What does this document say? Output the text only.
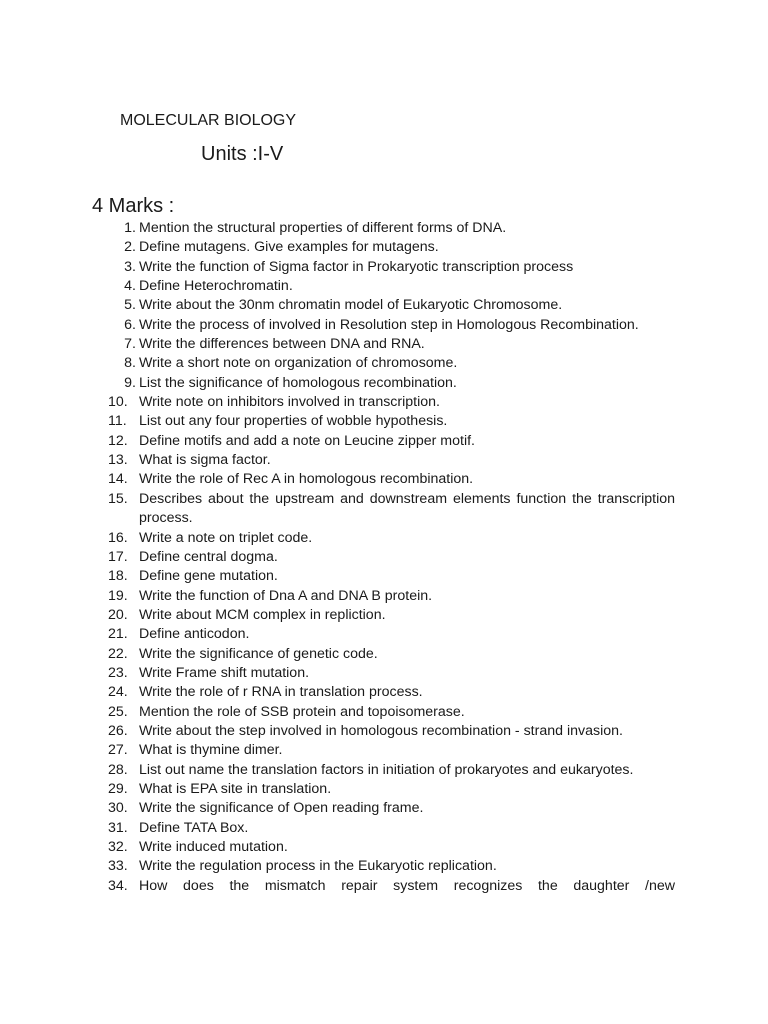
MOLECULAR BIOLOGY
Units :I-V
4 Marks :
1. Mention the structural properties of different forms of DNA.
2. Define mutagens. Give examples for mutagens.
3. Write the function of Sigma factor in Prokaryotic transcription process
4. Define Heterochromatin.
5. Write about the 30nm chromatin model of Eukaryotic Chromosome.
6. Write the process of involved in Resolution step in Homologous Recombination.
7. Write the differences between DNA and RNA.
8. Write a short note on organization of chromosome.
9. List the significance of homologous recombination.
10. Write note on inhibitors involved in transcription.
11. List out any four properties of wobble hypothesis.
12. Define motifs and add a note on Leucine zipper motif.
13. What is sigma factor.
14. Write the role of Rec A in homologous recombination.
15. Describes about the upstream and downstream elements function the transcription process.
16. Write a note on triplet code.
17. Define central dogma.
18. Define gene mutation.
19. Write the function of Dna A and DNA B protein.
20. Write about MCM complex in repliction.
21. Define anticodon.
22. Write the significance of genetic code.
23. Write Frame shift mutation.
24. Write the role of r RNA in translation process.
25. Mention the role of SSB protein and topoisomerase.
26. Write about the step involved in homologous recombination - strand invasion.
27. What is thymine dimer.
28. List out name the translation factors in initiation of prokaryotes and eukaryotes.
29. What is EPA site in translation.
30. Write the significance of Open reading frame.
31. Define TATA Box.
32. Write induced mutation.
33. Write the regulation process in the Eukaryotic replication.
34. How does the mismatch repair system recognizes the daughter /new
